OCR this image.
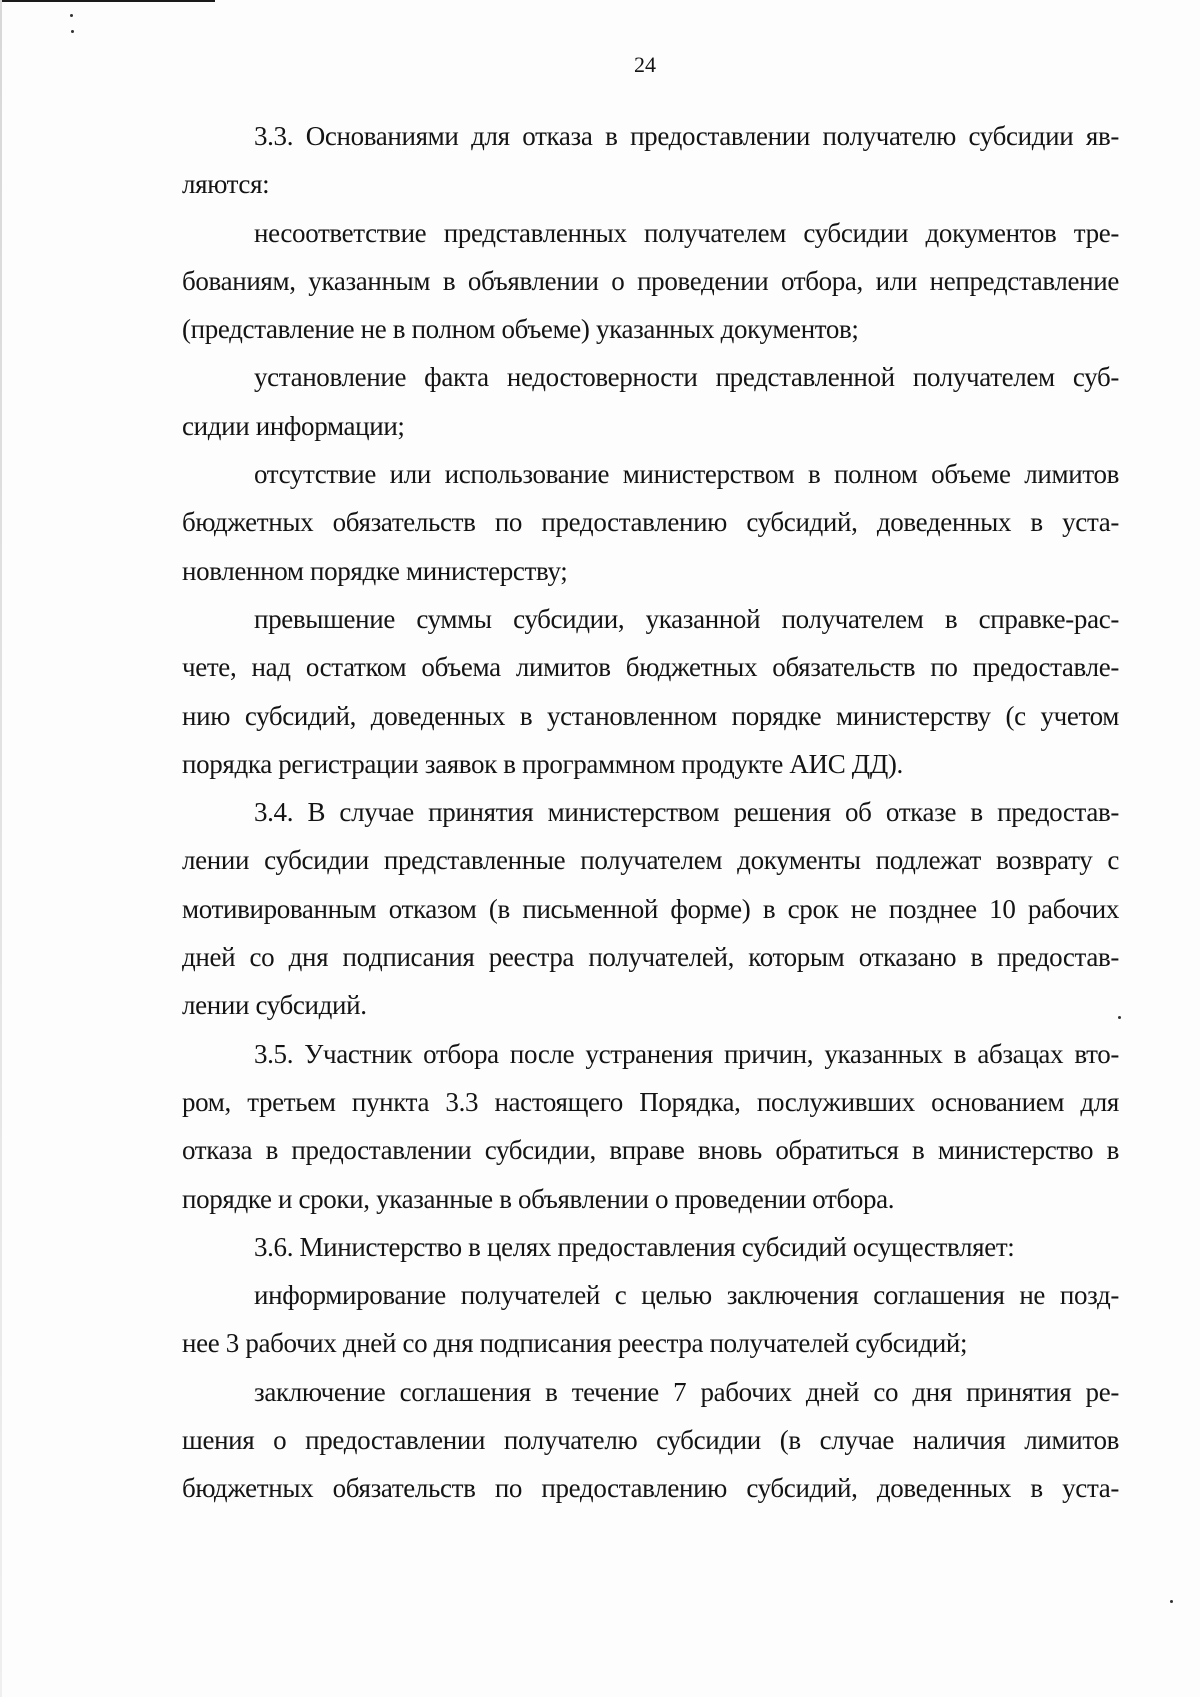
24
3.3. Основаниями для отказа в предоставлении получателю субсидии яв-
ляются:
несоответствие представленных получателем субсидии документов тре-
бованиям, указанным в объявлении о проведении отбора, или непредставление
(представление не в полном объеме) указанных документов;
установление факта недостоверности представленной получателем суб-
сидии информации;
отсутствие или использование министерством в полном объеме лимитов
бюджетных обязательств по предоставлению субсидий, доведенных в уста-
новленном порядке министерству;
превышение суммы субсидии, указанной получателем в справке-рас-
чете, над остатком объема лимитов бюджетных обязательств по предоставле-
нию субсидий, доведенных в установленном порядке министерству (с учетом
порядка регистрации заявок в программном продукте АИС ДД).
3.4. В случае принятия министерством решения об отказе в предостав-
лении субсидии представленные получателем документы подлежат возврату с
мотивированным отказом (в письменной форме) в срок не позднее 10 рабочих
дней со дня подписания реестра получателей, которым отказано в предостав-
лении субсидий.
3.5. Участник отбора после устранения причин, указанных в абзацах вто-
ром, третьем пункта 3.3 настоящего Порядка, послуживших основанием для
отказа в предоставлении субсидии, вправе вновь обратиться в министерство в
порядке и сроки, указанные в объявлении о проведении отбора.
3.6. Министерство в целях предоставления субсидий осуществляет:
информирование получателей с целью заключения соглашения не позд-
нее 3 рабочих дней со дня подписания реестра получателей субсидий;
заключение соглашения в течение 7 рабочих дней со дня принятия ре-
шения о предоставлении получателю субсидии (в случае наличия лимитов
бюджетных обязательств по предоставлению субсидий, доведенных в уста-
